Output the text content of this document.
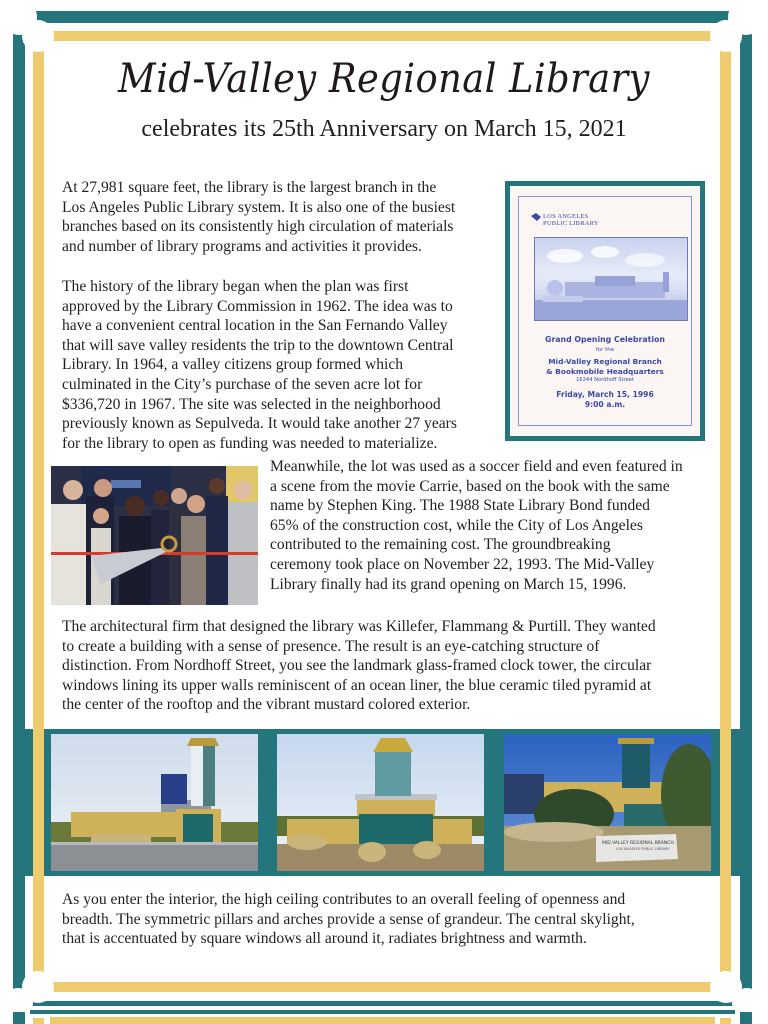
Mid-Valley Regional Library
celebrates its 25th Anniversary on March 15, 2021
At 27,981 square feet, the library is the largest branch in the
Los Angeles Public Library system. It is also one of the busiest
branches based on its consistently high circulation of materials
and number of library programs and activities it provides.
The history of the library began when the plan was first
approved by the Library Commission in 1962. The idea was to
have a convenient central location in the San Fernando Valley
that will save valley residents the trip to the downtown Central
Library. In 1964, a valley citizens group formed which
culminated in the City’s purchase of the seven acre lot for
$336,720 in 1967. The site was selected in the neighborhood
previously known as Sepulveda. It would take another 27 years
for the library to open as funding was needed to materialize.
LOS ANGELES
PUBLIC LIBRARY
Grand Opening Celebration
for the
Mid-Valley Regional Branch
& Bookmobile Headquarters
16244 Nordhoff Street
Friday, March 15, 1996
9:00 a.m.
Meanwhile, the lot was used as a soccer field and even featured in
a scene from the movie Carrie, based on the book with the same
name by Stephen King. The 1988 State Library Bond funded
65% of the construction cost, while the City of Los Angeles
contributed to the remaining cost. The groundbreaking
ceremony took place on November 22, 1993. The Mid-Valley
Library finally had its grand opening on March 15, 1996.
The architectural firm that designed the library was Killefer, Flammang & Purtill. They wanted
to create a building with a sense of presence. The result is an eye-catching structure of
distinction. From Nordhoff Street, you see the landmark glass-framed clock tower, the circular
windows lining its upper walls reminiscent of an ocean liner, the blue ceramic tiled pyramid at
the center of the rooftop and the vibrant mustard colored exterior.
MID VALLEY REGIONAL BRANCH
LOS ANGELES PUBLIC LIBRARY
As you enter the interior, the high ceiling contributes to an overall feeling of openness and
breadth. The symmetric pillars and arches provide a sense of grandeur. The central skylight,
that is accentuated by square windows all around it, radiates brightness and warmth.
